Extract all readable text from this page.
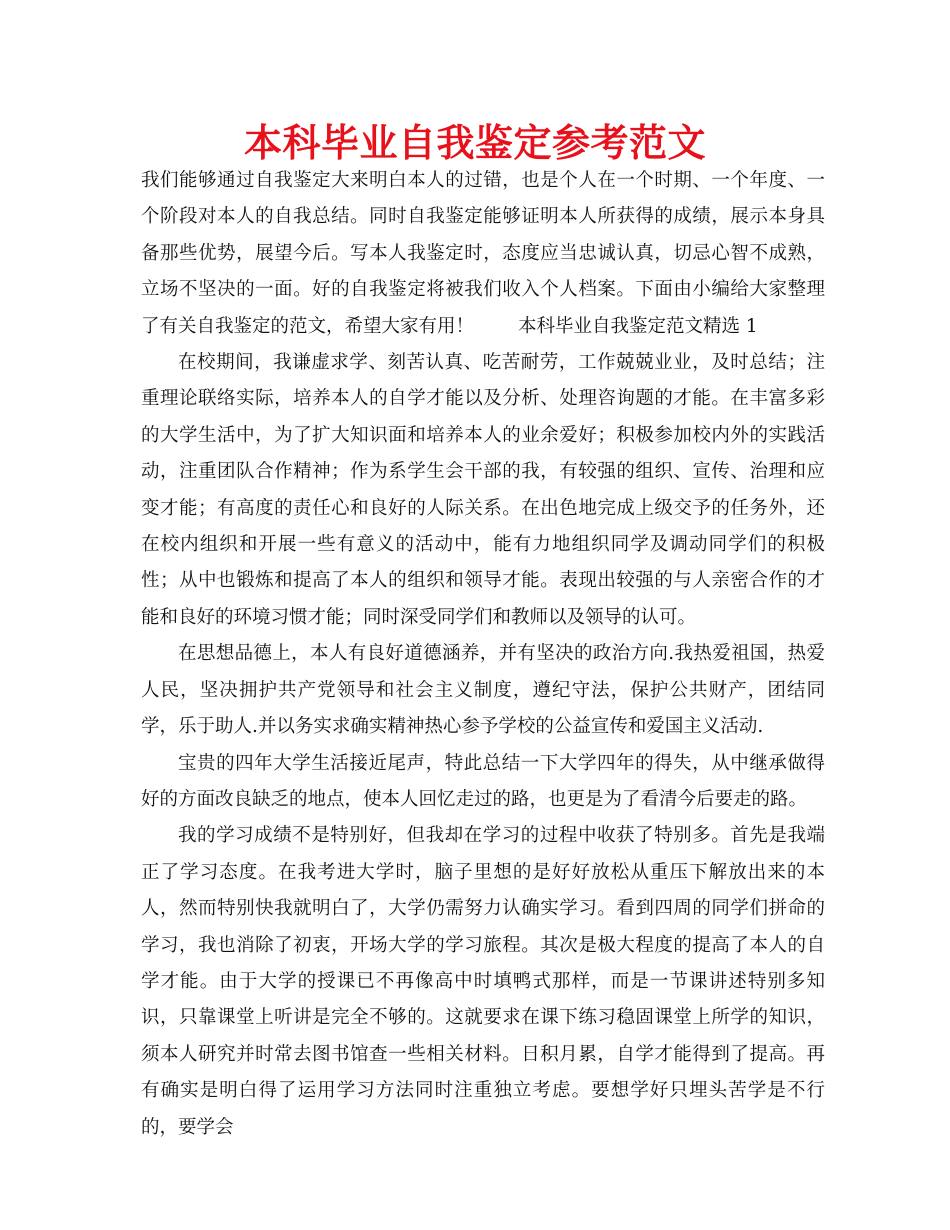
本科毕业自我鉴定参考范文

我们能够通过自我鉴定大来明白本人的过错，也是个人在一个时期、一个年度、一个阶段对本人的自我总结。同时自我鉴定能够证明本人所获得的成绩，展示本身具备那些优势，展望今后。写本人我鉴定时，态度应当忠诚认真，切忌心智不成熟，立场不坚决的一面。好的自我鉴定将被我们收入个人档案。下面由小编给大家整理了有关自我鉴定的范文，希望大家有用！ 本科毕业自我鉴定范文精选 1

在校期间，我谦虚求学、刻苦认真、吃苦耐劳，工作兢兢业业，及时总结；注重理论联络实际，培养本人的自学才能以及分析、处理咨询题的才能。在丰富多彩的大学生活中，为了扩大知识面和培养本人的业余爱好；积极参加校内外的实践活动，注重团队合作精神；作为系学生会干部的我，有较强的组织、宣传、治理和应变才能；有高度的责任心和良好的人际关系。在出色地完成上级交予的任务外，还在校内组织和开展一些有意义的活动中，能有力地组织同学及调动同学们的积极性；从中也锻炼和提高了本人的组织和领导才能。表现出较强的与人亲密合作的才能和良好的环境习惯才能；同时深受同学们和教师以及领导的认可。

在思想品德上，本人有良好道德涵养，并有坚决的政治方向.我热爱祖国，热爱人民，坚决拥护共产党领导和社会主义制度，遵纪守法，保护公共财产，团结同学，乐于助人.并以务实求确实精神热心参予学校的公益宣传和爱国主义活动.

宝贵的四年大学生活接近尾声，特此总结一下大学四年的得失，从中继承做得好的方面改良缺乏的地点，使本人回忆走过的路，也更是为了看清今后要走的路。

我的学习成绩不是特别好，但我却在学习的过程中收获了特别多。首先是我端正了学习态度。在我考进大学时，脑子里想的是好好放松从重压下解放出来的本人，然而特别快我就明白了，大学仍需努力认确实学习。看到四周的同学们拼命的学习，我也消除了初衷，开场大学的学习旅程。其次是极大程度的提高了本人的自学才能。由于大学的授课已不再像高中时填鸭式那样，而是一节课讲述特别多知识，只靠课堂上听讲是完全不够的。这就要求在课下练习稳固课堂上所学的知识，须本人研究并时常去图书馆查一些相关材料。日积月累，自学才能得到了提高。再有确实是明白得了运用学习方法同时注重独立考虑。要想学好只埋头苦学是不行的，要学会
